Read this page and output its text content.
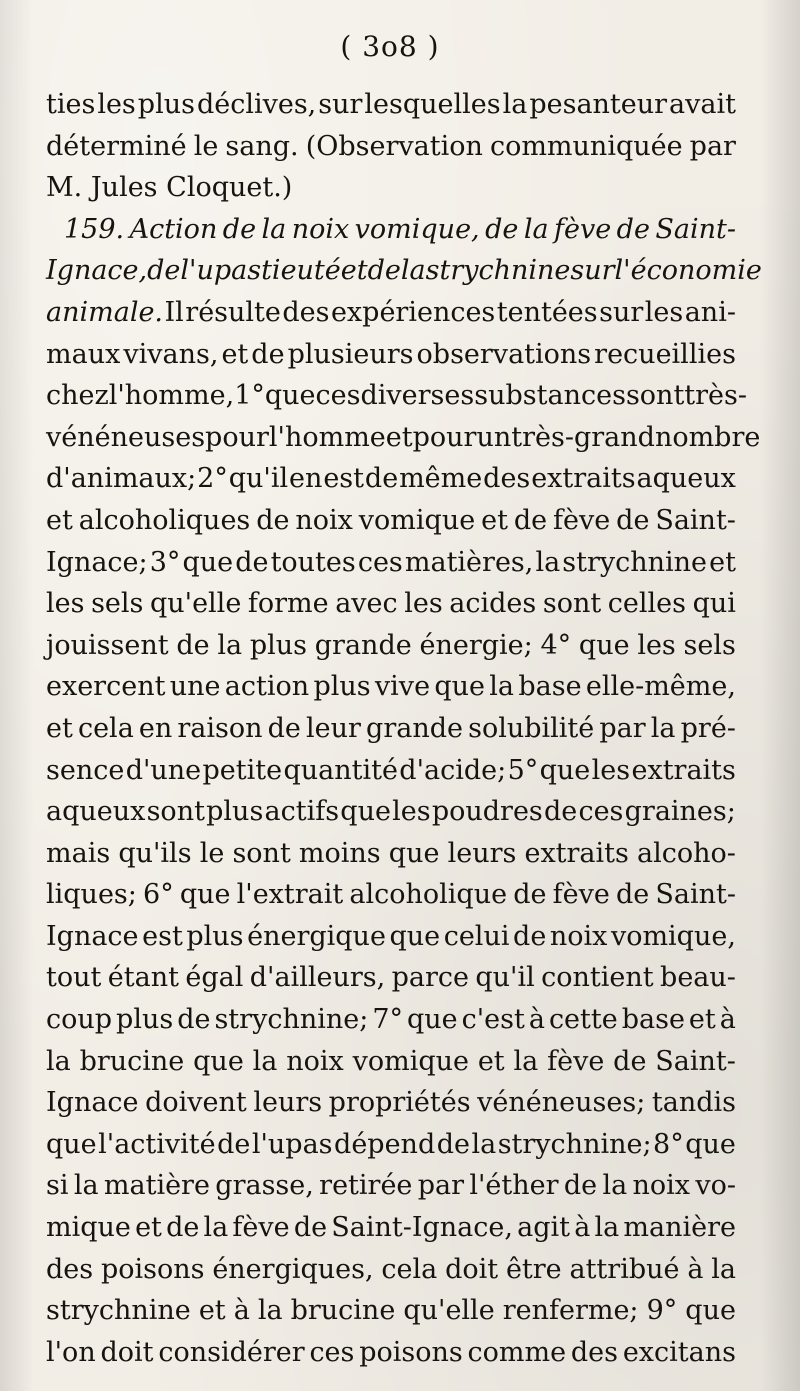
( 3o8 )
ties les plus déclives, sur lesquelles la pesanteur avait
déterminé le sang. (Observation communiquée par
M. Jules Cloquet.)
159. Action de la noix vomique, de la fève de Saint-
Ignace, de l'upas tieuté et de la strychnine sur l'économie
animale. Il résulte des expériences tentées sur les ani-
maux vivans, et de plusieurs observations recueillies
chez l'homme, 1° que ces diverses substances sont très-
vénéneuses pour l'homme et pour un très-grand nombre
d'animaux; 2° qu'il en est de même des extraits aqueux
et alcoholiques de noix vomique et de fève de Saint-
Ignace; 3° que de toutes ces matières, la strychnine et
les sels qu'elle forme avec les acides sont celles qui
jouissent de la plus grande énergie; 4° que les sels
exercent une action plus vive que la base elle-même,
et cela en raison de leur grande solubilité par la pré-
sence d'une petite quantité d'acide; 5° que les extraits
aqueux sont plus actifs que les poudres de ces graines;
mais qu'ils le sont moins que leurs extraits alcoho-
liques; 6° que l'extrait alcoholique de fève de Saint-
Ignace est plus énergique que celui de noix vomique,
tout étant égal d'ailleurs, parce qu'il contient beau-
coup plus de strychnine; 7° que c'est à cette base et à
la brucine que la noix vomique et la fève de Saint-
Ignace doivent leurs propriétés vénéneuses; tandis
que l'activité de l'upas dépend de la strychnine; 8° que
si la matière grasse, retirée par l'éther de la noix vo-
mique et de la fève de Saint-Ignace, agit à la manière
des poisons énergiques, cela doit être attribué à la
strychnine et à la brucine qu'elle renferme; 9° que
l'on doit considérer ces poisons comme des excitans
